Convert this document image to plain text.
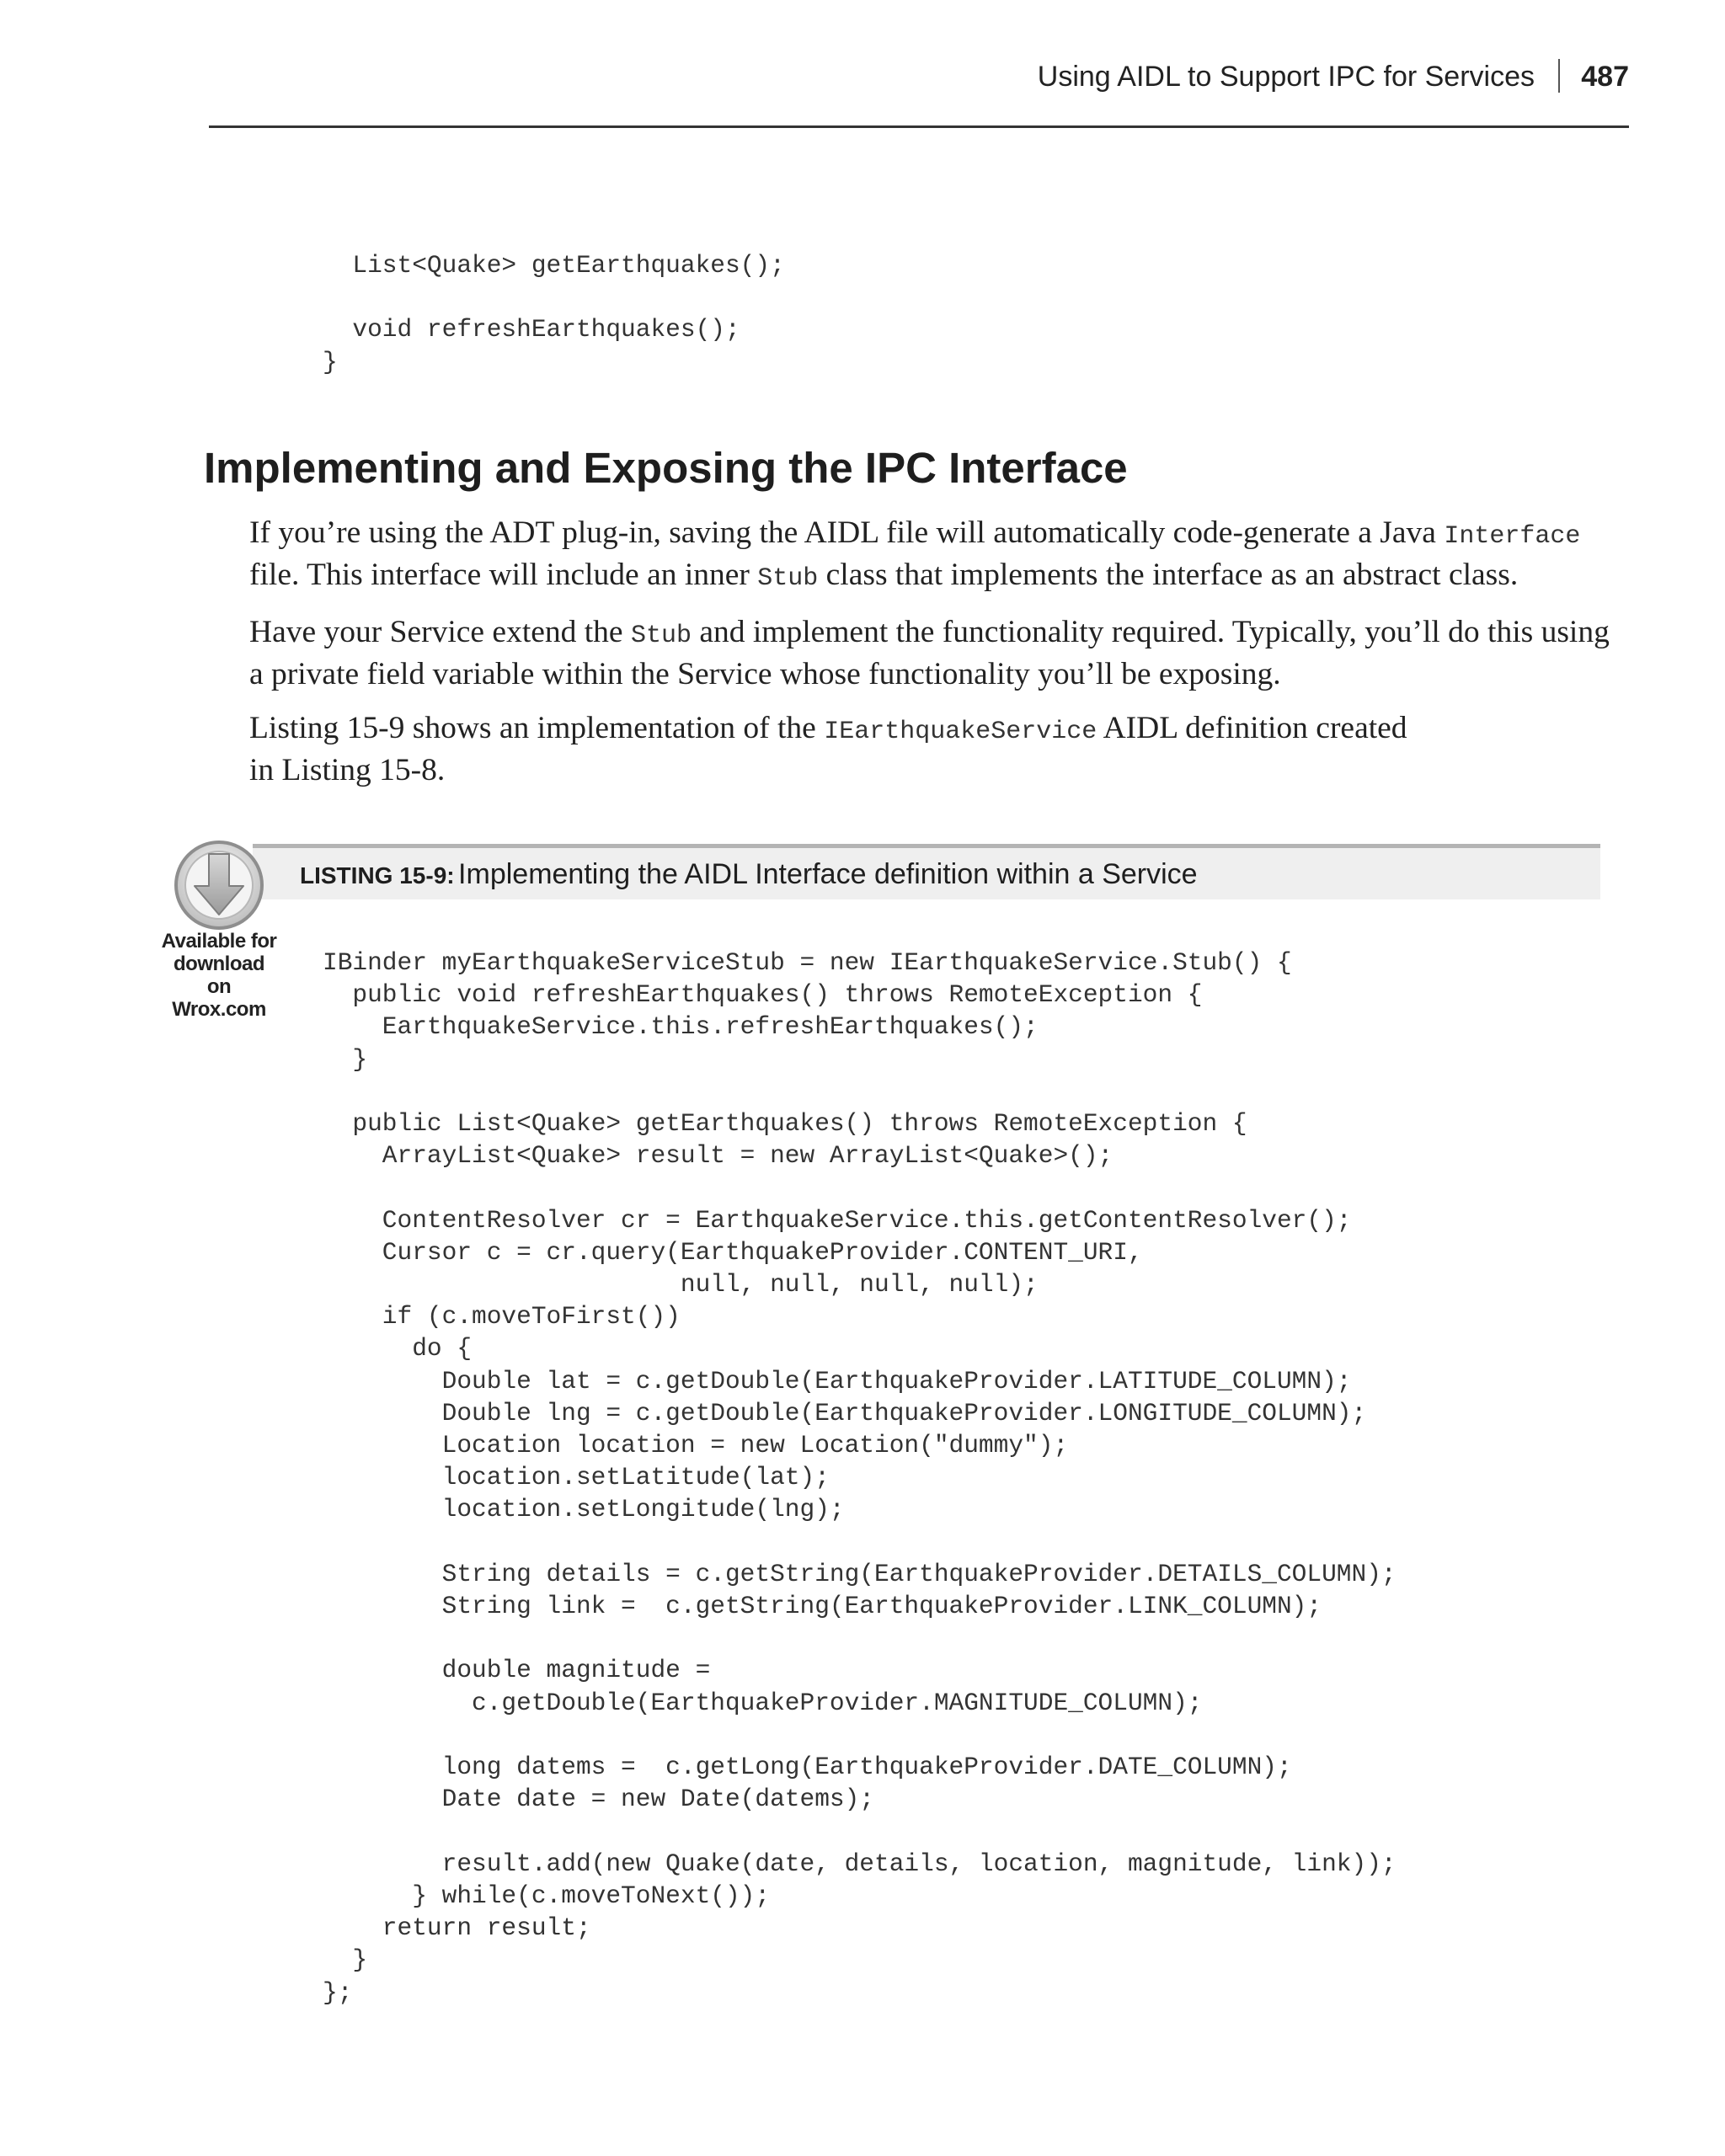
Using AIDL to Support IPC for Services 487
List<Quake> getEarthquakes();

void refreshEarthquakes();
}
Implementing and Exposing the IPC Interface

If you’re using the ADT plug-in, saving the AIDL file will automatically code-generate a Java Interface file. This interface will include an inner Stub class that implements the interface as an abstract class.

Have your Service extend the Stub and implement the functionality required. Typically, you’ll do this using a private field variable within the Service whose functionality you’ll be exposing.

Listing 15-9 shows an implementation of the IEarthquakeService AIDL definition created
in Listing 15-8.

LISTING 15-9: Implementing the AIDL Interface definition within a Service
Available for
download on
Wrox.com
IBinder myEarthquakeServiceStub = new IEarthquakeService.Stub() {
public void refreshEarthquakes() throws RemoteException {
EarthquakeService.this.refreshEarthquakes();
}

public List<Quake> getEarthquakes() throws RemoteException {
ArrayList<Quake> result = new ArrayList<Quake>();

ContentResolver cr = EarthquakeService.this.getContentResolver();
Cursor c = cr.query(EarthquakeProvider.CONTENT_URI,
null, null, null, null);
if (c.moveToFirst())
do {
Double lat = c.getDouble(EarthquakeProvider.LATITUDE_COLUMN);
Double lng = c.getDouble(EarthquakeProvider.LONGITUDE_COLUMN);
Location location = new Location("dummy");
location.setLatitude(lat);
location.setLongitude(lng);

String details = c.getString(EarthquakeProvider.DETAILS_COLUMN);
String link =  c.getString(EarthquakeProvider.LINK_COLUMN);

double magnitude =
c.getDouble(EarthquakeProvider.MAGNITUDE_COLUMN);

long datems =  c.getLong(EarthquakeProvider.DATE_COLUMN);
Date date = new Date(datems);

result.add(new Quake(date, details, location, magnitude, link));
} while(c.moveToNext());
return result;
}
};
